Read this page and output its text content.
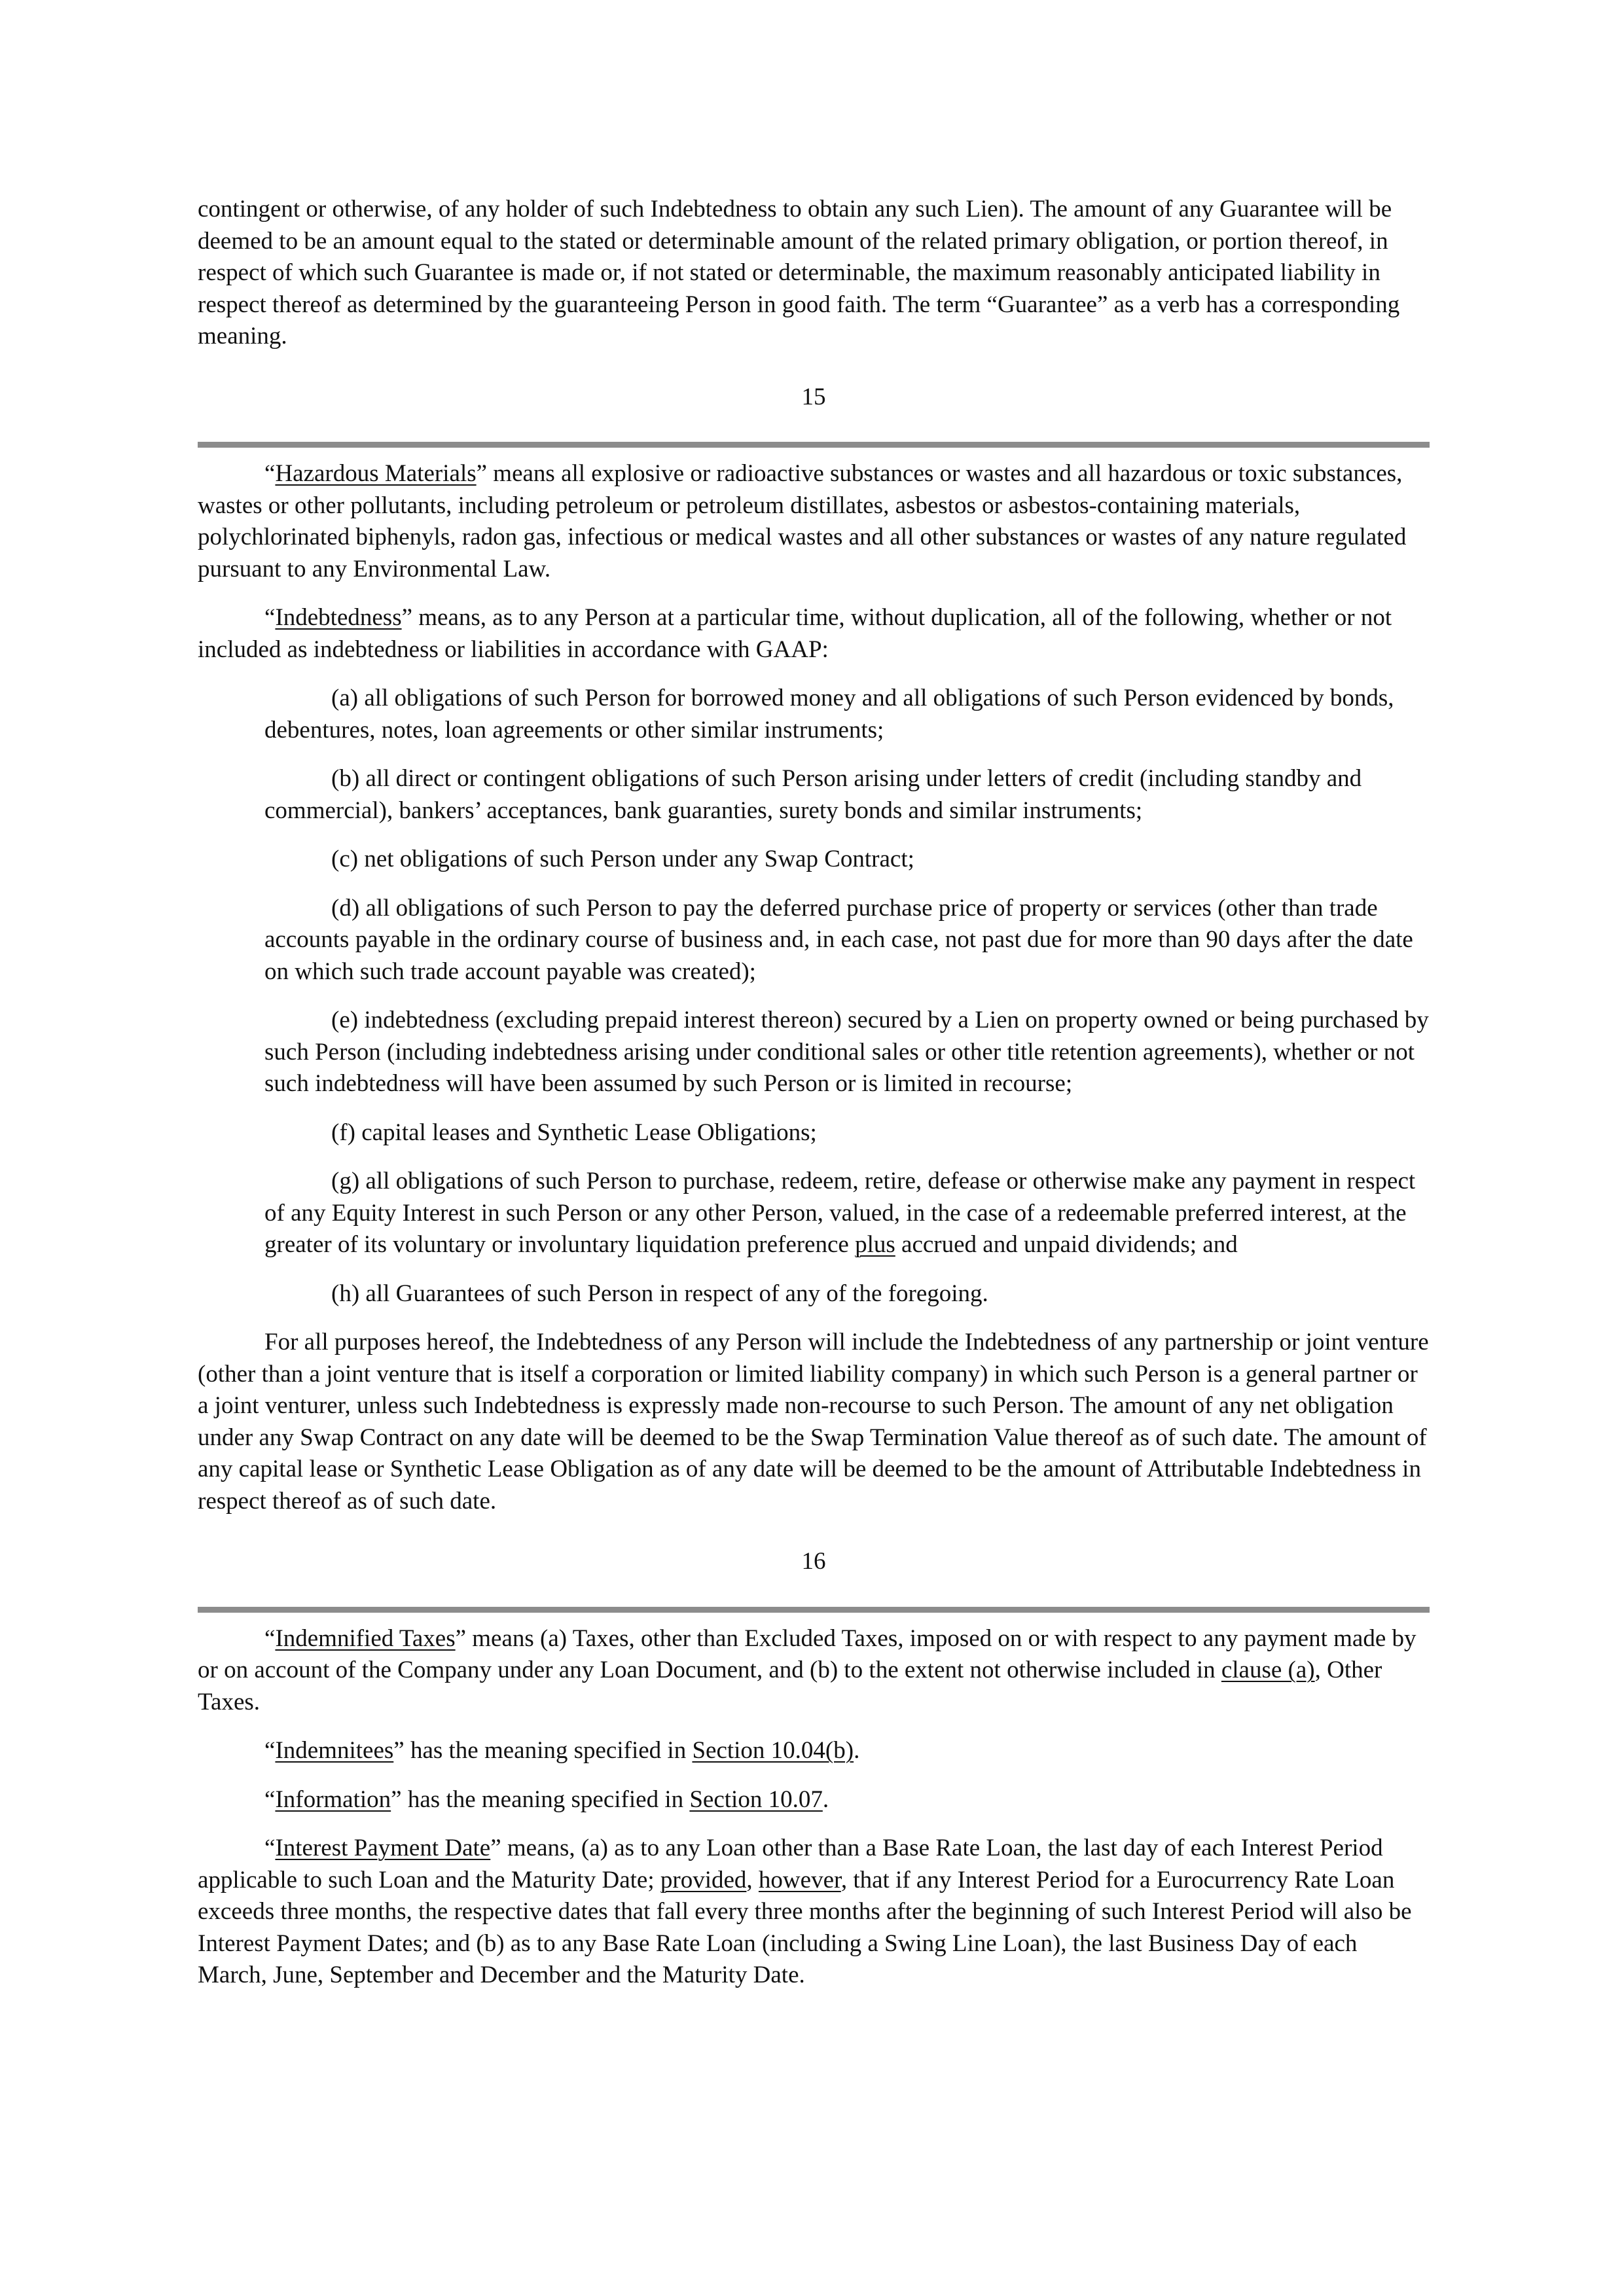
contingent or otherwise, of any holder of such Indebtedness to obtain any such Lien). The amount of any Guarantee will be deemed to be an amount equal to the stated or determinable amount of the related primary obligation, or portion thereof, in respect of which such Guarantee is made or, if not stated or determinable, the maximum reasonably anticipated liability in respect thereof as determined by the guaranteeing Person in good faith. The term “Guarantee” as a verb has a corresponding meaning.

15

“Hazardous Materials” means all explosive or radioactive substances or wastes and all hazardous or toxic substances, wastes or other pollutants, including petroleum or petroleum distillates, asbestos or asbestos-containing materials, polychlorinated biphenyls, radon gas, infectious or medical wastes and all other substances or wastes of any nature regulated pursuant to any Environmental Law.

“Indebtedness” means, as to any Person at a particular time, without duplication, all of the following, whether or not included as indebtedness or liabilities in accordance with GAAP:

(a) all obligations of such Person for borrowed money and all obligations of such Person evidenced by bonds, debentures, notes, loan agreements or other similar instruments;

(b) all direct or contingent obligations of such Person arising under letters of credit (including standby and commercial), bankers’ acceptances, bank guaranties, surety bonds and similar instruments;

(c) net obligations of such Person under any Swap Contract;

(d) all obligations of such Person to pay the deferred purchase price of property or services (other than trade accounts payable in the ordinary course of business and, in each case, not past due for more than 90 days after the date on which such trade account payable was created);

(e) indebtedness (excluding prepaid interest thereon) secured by a Lien on property owned or being purchased by such Person (including indebtedness arising under conditional sales or other title retention agreements), whether or not such indebtedness will have been assumed by such Person or is limited in recourse;

(f) capital leases and Synthetic Lease Obligations;

(g) all obligations of such Person to purchase, redeem, retire, defease or otherwise make any payment in respect of any Equity Interest in such Person or any other Person, valued, in the case of a redeemable preferred interest, at the greater of its voluntary or involuntary liquidation preference plus accrued and unpaid dividends; and

(h) all Guarantees of such Person in respect of any of the foregoing.

For all purposes hereof, the Indebtedness of any Person will include the Indebtedness of any partnership or joint venture (other than a joint venture that is itself a corporation or limited liability company) in which such Person is a general partner or a joint venturer, unless such Indebtedness is expressly made non-recourse to such Person. The amount of any net obligation under any Swap Contract on any date will be deemed to be the Swap Termination Value thereof as of such date. The amount of any capital lease or Synthetic Lease Obligation as of any date will be deemed to be the amount of Attributable Indebtedness in respect thereof as of such date.

16

“Indemnified Taxes” means (a) Taxes, other than Excluded Taxes, imposed on or with respect to any payment made by or on account of the Company under any Loan Document, and (b) to the extent not otherwise included in clause (a), Other Taxes.

“Indemnitees” has the meaning specified in Section 10.04(b).

“Information” has the meaning specified in Section 10.07.

“Interest Payment Date” means, (a) as to any Loan other than a Base Rate Loan, the last day of each Interest Period applicable to such Loan and the Maturity Date; provided, however, that if any Interest Period for a Eurocurrency Rate Loan exceeds three months, the respective dates that fall every three months after the beginning of such Interest Period will also be Interest Payment Dates; and (b) as to any Base Rate Loan (including a Swing Line Loan), the last Business Day of each March, June, September and December and the Maturity Date.
